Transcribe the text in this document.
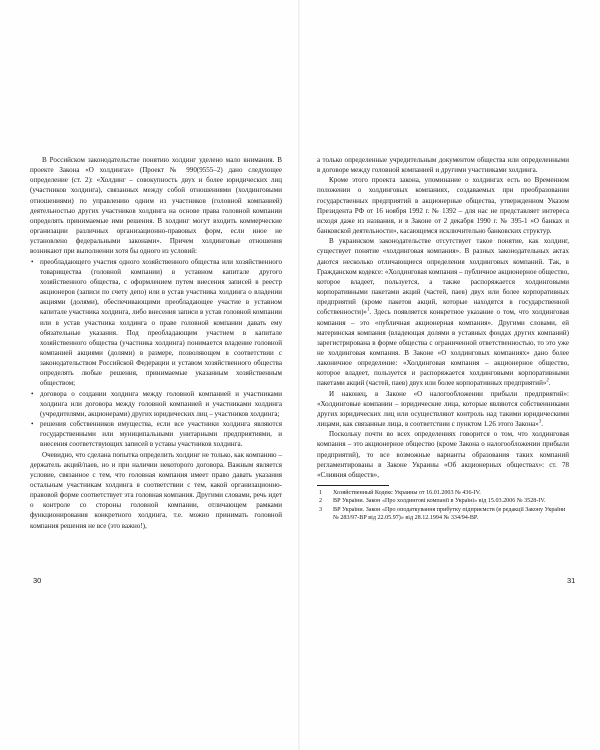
В Российском законодательстве понятию холдинг уделено мало внимания. В проекте Закона «О холдингах» (Проект № 990(9555–2) дано следующее определение (ст. 2): «Холдинг – совокупность двух и более юридических лиц (участников холдинга), связанных между собой отношениями (холдинговыми отношениями) по управлению одним из участников (головной компанией) деятельностью других участников холдинга на основе права головной компании определять принимаемые ими решения. В холдинг могут входить коммерческие организации различных организационно-правовых форм, если иное не установлено федеральными законами». Причем холдинговые отношения возникают при выполнении хотя бы одного из условий:

• преобладающего участия одного хозяйственного общества или хозяйственного товарищества (головной компании) в уставном капитале другого хозяйственного общества, с оформлением путем внесения записей в реестр акционеров (записи по счету депо) или в устав участника холдинга о владении акциями (долями), обеспечивающими преобладающее участие в уставном капитале участника холдинга, либо внесения записи в устав головной компании или в устав участника холдинга о праве головной компании давать ему обязательные указания. Под преобладающим участием в капитале хозяйственного общества (участника холдинга) понимается владение головной компанией акциями (долями) в размере, позволяющем в соответствии с законодательством Российской Федерации и уставом хозяйственного общества определять любые решения, принимаемые указанным хозяйственным обществом;
• договора о создании холдинга между головной компанией и участниками холдинга или договора между головной компанией и участниками холдинга (учредителями, акционерами) других юридических лиц – участников холдинга;
• решения собственников имущества, если все участники холдинга являются государственными или муниципальными унитарными предприятиями, и внесения соответствующих записей в уставы участников холдинга.

Очевидно, что сделана попытка определить холдинг не только, как компанию – держатель акций/паев, но и при наличии некоторого договора. Важным является условие, связанное с тем, что головная компания имеет право давать указания остальным участникам холдинга в соответствии с тем, какой организационно-правовой форме соответствует эта головная компания. Другими словами, речь идет о контроле со стороны головной компании, отличающем рамками функционирования конкретного холдинга, т.е. можно принимать головной компания решения не все (это важно!),

а только определенные учредительным документом общества или определенными в договоре между головной компанией и другими участниками холдинга.

Кроме этого проекта закона, упоминание о холдингах есть во Временном положении о холдинговых компаниях, создаваемых при преобразовании государственных предприятий в акционерные общества, утвержденном Указом Президента РФ от 16 ноября 1992 г. № 1392 – для нас не представляет интереса исходя даже из названия, и в Законе от 2 декабря 1990 г. № 395-1 «О банках и банковской деятельности», касающемся исключительно банковских структур.

В украинском законодательстве отсутствует такое понятие, как холдинг, существует понятие «холдинговая компания». В разных законодательных актах даются несколько отличающиеся определения холдинговых компаний. Так, в Гражданском кодексе: «Холдинговая компания – публичное акционерное общество, которое владеет, пользуется, а также распоряжается холдинговыми корпоративными пакетами акций (частей, паев) двух или более корпоративных предприятий (кроме пакетов акций, которые находятся в государственной собственности)»$^1$. Здесь появляется конкретное указание о том, что холдинговая компания – это «публичная акционерная компания». Другими словами, ей материнская компания (владеющая долями в уставных фондах других компаний) зарегистрирована в форме общества с ограниченной ответственностью, то это уже не холдинговая компания. В Законе «О холдинговых компаниях» дано более лаконичное определение: «Холдинговая компания – акционерное общество, которое владеет, пользуется и распоряжается холдинговыми корпоративными пакетами акций (частей, паев) двух или более корпоративных предприятий»$^2$.

И наконец, в Законе «О налогообложении прибыли предприятий»: «Холдинговые компании – юридические лица, которые являются собственниками других юридических лиц или осуществляют контроль над такими юридическими лицами, как связанные лица, в соответствии с пунктом 1.26 этого Закона»$^3$.

Поскольку почти во всех определениях говорится о том, что холдинговая компания – это акционерное общество (кроме Закона о налогообложении прибыли предприятий), то все возможные варианты образования таких компаний регламентированы в Законе Украины «Об акционерных обществах»: ст. 78 «Слияния обществ»,

1	Хозяйственный Кодекс Украины от 16.01.2003 № 436-IV.
2	ВР України. Закон «Про холдингові компанії в Україні» від 15.03.2006 № 3528-IV.
3	ВР України. Закон «Про оподаткування прибутку підприємств (в редакції Закону України № 283/97-ВР від 22.05.97)» від 28.12.1994 № 334/94-ВР.
30	31
